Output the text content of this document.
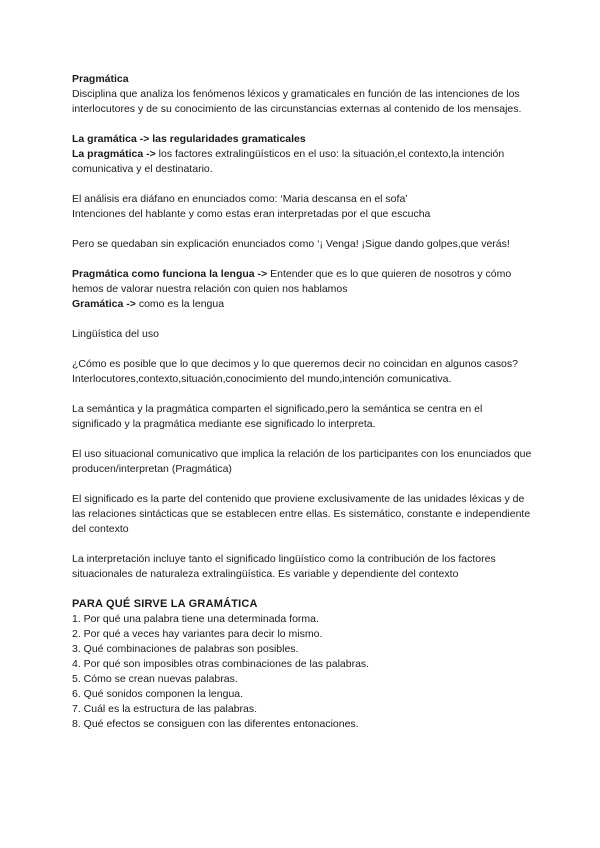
Pragmática
Disciplina que analiza los fenómenos léxicos y gramaticales en función de las intenciones de los interlocutores y de su conocimiento de las circunstancias externas al contenido de los mensajes.

La gramática -> las regularidades gramaticales
La pragmática -> los factores extralingüísticos en el uso: la situación,el contexto,la intención comunicativa y el destinatario.

El análisis era diáfano en enunciados como: ‘Maria descansa en el sofa’
Intenciones del hablante y como estas eran interpretadas por el que escucha

Pero se quedaban sin explicación enunciados como ‘¡ Venga! ¡Sigue dando golpes,que verás!

Pragmática como funciona la lengua -> Entender que es lo que quieren de nosotros y cómo hemos de valorar nuestra relación con quien nos hablamos
Gramática -> como es la lengua

Lingüística del uso

¿Cómo es posible que lo que decimos y lo que queremos decir no coincidan en algunos casos?
Interlocutores,contexto,situación,conocimiento del mundo,intención comunicativa.

La semántica y la pragmática comparten el significado,pero la semántica se centra en el significado y la pragmática mediante ese significado lo interpreta.

El uso situacional comunicativo que implica la relación de los participantes con los enunciados que producen/interpretan (Pragmática)

El significado es la parte del contenido que proviene exclusivamente de las unidades léxicas y de las relaciones sintácticas que se establecen entre ellas. Es sistemático, constante e independiente del contexto

La interpretación incluye tanto el significado lingüístico como la contribución de los factores situacionales de naturaleza extralingüística. Es variable y dependiente del contexto

PARA QUÉ SIRVE LA GRAMÁTICA
1. Por qué una palabra tiene una determinada forma.
2. Por qué a veces hay variantes para decir lo mismo.
3. Qué combinaciones de palabras son posibles.
4. Por qué son imposibles otras combinaciones de las palabras.
5. Cómo se crean nuevas palabras.
6. Qué sonidos componen la lengua.
7. Cuál es la estructura de las palabras.
8. Qué efectos se consiguen con las diferentes entonaciones.
